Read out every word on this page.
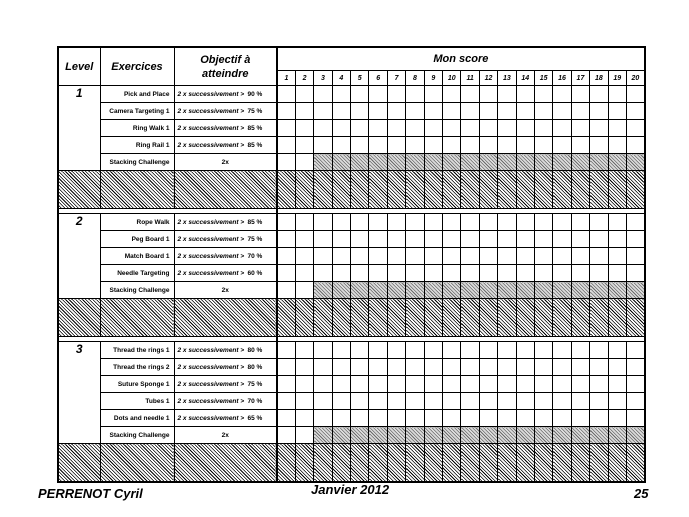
Level	Exercices	Objectif à
atteindre	Mon score																			
			1	2	3	4	5	6	7	8	9	10	11	12	13	14	15	16	17	18	19	20
1	Pick and Place	2 x successivement > 90 %																				
	Camera Targeting 1	2 x successivement > 75 %																				
	Ring Walk 1	2 x successivement > 85 %																				
	Ring Rail 1	2 x successivement > 85 %																				
	Stacking Challenge	2x																				

2	Rope Walk	2 x successivement > 85 %																				
	Peg Board 1	2 x successivement > 75 %																				
	Match Board 1	2 x successivement > 70 %																				
	Needle Targeting	2 x successivement > 60 %																				
	Stacking Challenge	2x																				

3	Thread the rings 1	2 x successivement > 80 %																				
	Thread the rings 2	2 x successivement > 80 %																				
	Suture Sponge 1	2 x successivement > 75 %																				
	Tubes 1	2 x successivement > 70 %																				
	Dots and needle 1	2 x successivement > 65 %																				
	Stacking Challenge	2x																				

PERRENOT Cyril	Janvier 2012	25
